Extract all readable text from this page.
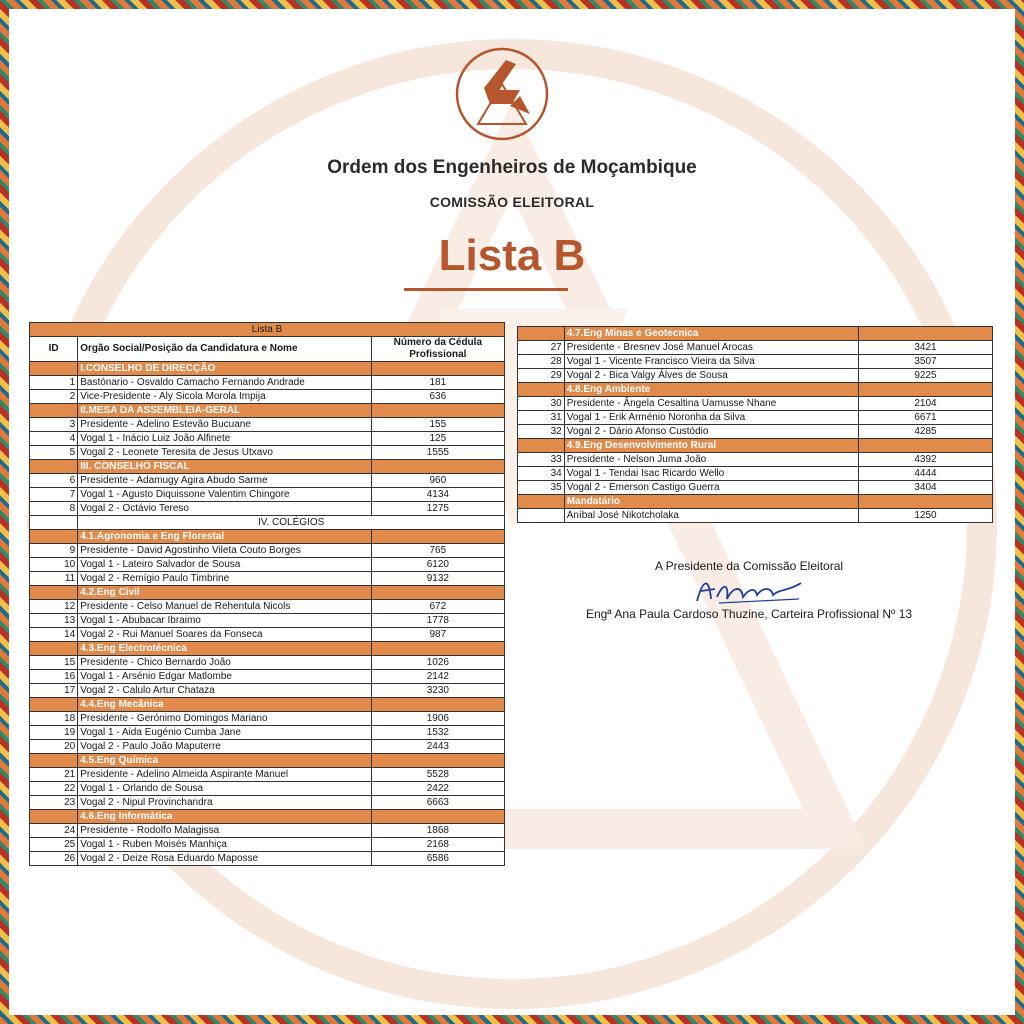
Ordem dos Engenheiros de Moçambique
COMISSÃO ELEITORAL
Lista B
Lista B		
ID	Orgão Social/Posição da Candidatura e Nome	Número da Cédula Profissional
	I.CONSELHO DE DIRECÇÃO	
1	Bastónario - Osvaldo Camacho Fernando Andrade	181
2	Vice-Presidente - Aly Sicola Morola Impija	636
	II.MESA DA ASSEMBLEIA-GERAL	
3	Presidente - Adelino Estevão Bucuane	155
4	Vogal 1 - Inácio Luiz João Alfinete	125
5	Vogal 2 - Leonete Teresita de Jesus Utxavo	1555
	III. CONSELHO FISCAL	
6	Presidente - Adamugy Agira Abudo Sarme	960
7	Vogal 1 - Agusto Diquissone Valentim Chingore	4134
8	Vogal 2 - Octávio Tereso	1275
	IV. COLÉGIOS	
	4.1.Agronomia e Eng Florestal	
9	Presidente - David Agostinho Vileta Couto Borges	765
10	Vogal 1 - Lateiro Salvador de Sousa	6120
11	Vogal 2 - Remígio Paulo Timbrine	9132
	4.2.Eng Civil	
12	Presidente - Celso Manuel de Rehentula Nicols	672
13	Vogal 1 - Abubacar Ibraimo	1778
14	Vogal 2 - Rui Manuel Soares da Fonseca	987
	4.3.Eng Electrotécnica	
15	Presidente - Chico Bernardo João	1026
16	Vogal 1 - Arsénio Edgar Matlombe	2142
17	Vogal 2 - Calulo Artur Chataza	3230
	4.4.Eng Mecânica	
18	Presidente - Gerónimo Domingos Mariano	1906
19	Vogal 1 - Aida Eugénio Cumba Jane	1532
20	Vogal 2 - Paulo João Maputerre	2443
	4.5.Eng Química	
21	Presidente - Adelino Almeida Aspirante Manuel	5528
22	Vogal 1 - Orlando de Sousa	2422
23	Vogal 2 - Nipul Provinchandra	6663
	4.6.Eng Informática	
24	Presidente - Rodolfo Malagissa	1868
25	Vogal 1 - Ruben Moisés Manhiça	2168
26	Vogal 2 - Deize Rosa Eduardo Maposse	6586
	4.7.Eng Minas e Geotecnica	
27	Presidente - Bresnev José Manuel Arocas	3421
28	Vogal 1 - Vicente Francisco Vieira da Silva	3507
29	Vogal 2 - Bica Valgy Álves de Sousa	9225
	4.8.Eng Ambiente	
30	Presidente - Ângela Cesaltina Uamusse Nhane	2104
31	Vogal 1 - Erik Arménio Noronha da Silva	6671
32	Vogal 2 - Dário Afonso Custódio	4285
	4.9.Eng Desenvolvimento Rural	
33	Presidente - Nelson Juma João	4392
34	Vogal 1 - Tendai Isac Ricardo Wello	4444
35	Vogal 2 - Emerson Castigo Guerra	3404
	Mandatário	
	Aníbal José Nikotcholaka	1250
A Presidente da Comissão Eleitoral
Engª Ana Paula Cardoso Thuzine, Carteira Profissional Nº 13
